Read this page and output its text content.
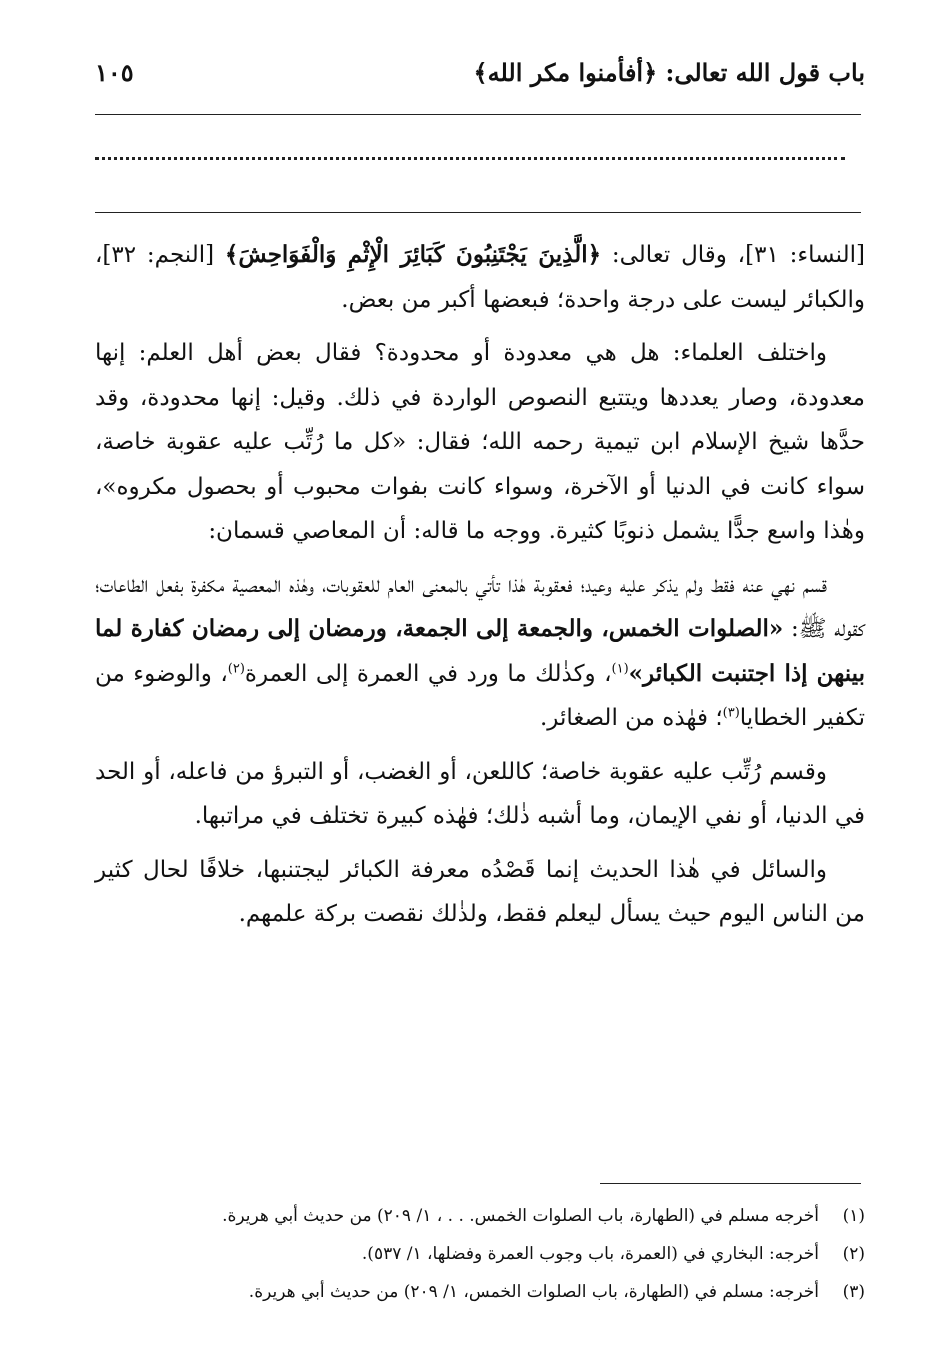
باب قول الله تعالى: ﴿أفأمنوا مكر الله﴾
١٠٥

[النساء: ٣١]، وقال تعالى: ﴿الَّذِينَ يَجْتَنِبُونَ كَبَائِرَ الْإِثْمِ وَالْفَوَاحِشَ﴾ [النجم: ٣٢]، والكبائر ليست على درجة واحدة؛ فبعضها أكبر من بعض.

واختلف العلماء: هل هي معدودة أو محدودة؟ فقال بعض أهل العلم: إنها معدودة، وصار يعددها ويتتبع النصوص الواردة في ذلك. وقيل: إنها محدودة، وقد حدَّها شيخ الإسلام ابن تيمية رحمه الله؛ فقال: «كل ما رُتِّب عليه عقوبة خاصة، سواء كانت في الدنيا أو الآخرة، وسواء كانت بفوات محبوب أو بحصول مكروه»، وهٰذا واسع جدًّا يشمل ذنوبًا كثيرة. ووجه ما قاله: أن المعاصي قسمان:

قسم نهي عنه فقط ولم يذكر عليه وعيد؛ فعقوبة هٰذا تأتي بالمعنى العام للعقوبات، وهٰذه المعصية مكفرة بفعل الطاعات؛ كقوله ﷺ: «الصلوات الخمس، والجمعة إلى الجمعة، ورمضان إلى رمضان كفارة لما بينهن إذا اجتنبت الكبائر»$^{(١)}$، وكذٰلك ما ورد في العمرة إلى العمرة$^{(٢)}$، والوضوء من تكفير الخطايا$^{(٣)}$؛ فهٰذه من الصغائر.

وقسم رُتِّب عليه عقوبة خاصة؛ كاللعن، أو الغضب، أو التبرؤ من فاعله، أو الحد في الدنيا، أو نفي الإيمان، وما أشبه ذٰلك؛ فهٰذه كبيرة تختلف في مراتبها.

والسائل في هٰذا الحديث إنما قَصْدُه معرفة الكبائر ليجتنبها، خلافًا لحال كثير من الناس اليوم حيث يسأل ليعلم فقط، ولذٰلك نقصت بركة علمهم.

(١)
أخرجه مسلم في (الطهارة، باب الصلوات الخمس. . . ، ١/ ٢٠٩) من حديث أبي هريرة.
(٢)
أخرجه: البخاري في (العمرة، باب وجوب العمرة وفضلها، ١/ ٥٣٧).
(٣)
أخرجه: مسلم في (الطهارة، باب الصلوات الخمس، ١/ ٢٠٩) من حديث أبي هريرة.
